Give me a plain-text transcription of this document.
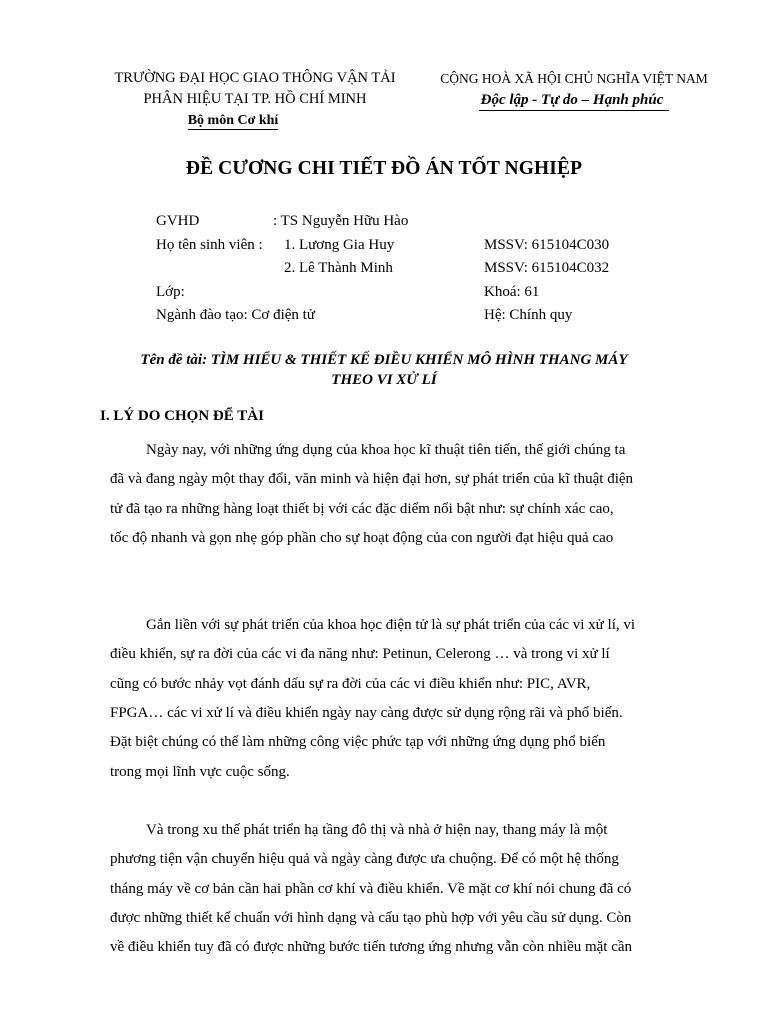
TRƯỜNG ĐẠI HỌC GIAO THÔNG VẬN TẢI
PHÂN HIỆU TẠI TP. HỒ CHÍ MINH
Bộ môn Cơ khí
CỘNG HOÀ XÃ HỘI CHỦ NGHĨA VIỆT NAM
Độc lập - Tự do – Hạnh phúc
ĐỀ CƯƠNG CHI TIẾT ĐỒ ÁN TỐT NGHIỆP
GVHD	: TS Nguyễn Hữu Hào
Họ tên sinh viên : 1. Lương Gia Huy	MSSV: 615104C030
2. Lê Thành Minh	MSSV: 615104C032
Lớp:	Khoá: 61
Ngành đào tạo: Cơ điện tử	Hệ: Chính quy
Tên đề tài: TÌM HIỂU & THIẾT KẾ ĐIỀU KHIỂN MÔ HÌNH THANG MÁY
THEO VI XỬ LÍ
I. LÝ DO CHỌN ĐỂ TÀI

Ngày nay, với những ứng dụng của khoa học kĩ thuật tiên tiến, thế giới chúng ta
đã và đang ngày một thay đổi, văn minh và hiện đại hơn, sự phát triển của kĩ thuật điện
tử đã tạo ra những hàng loạt thiết bị với các đặc diểm nổi bật như: sự chính xác cao,
tốc độ nhanh và gọn nhẹ góp phần cho sự hoạt động của con người đạt hiệu quả cao

Gắn liền với sự phát triển của khoa học điện tử là sự phát triển của các vi xử lí, vi
điều khiển, sự ra đời của các vi đa năng như: Petinun, Celerong … và trong vi xử lí
cũng có bước nhảy vọt đánh dấu sự ra đời của các vi điều khiển như: PIC, AVR,
FPGA… các vi xử lí và điều khiển ngày nay càng được sử dụng rộng rãi và phổ biến.
Đặt biệt chúng có thể làm những công việc phức tạp với những ứng dụng phổ biến
trong mọi lĩnh vực cuộc sống.

Và trong xu thế phát triển hạ tầng đô thị và nhà ở hiện nay, thang máy là một
phương tiện vận chuyển hiệu quả và ngày càng được ưa chuộng. Để có một hệ thống
tháng máy về cơ bản cần hai phần cơ khí và điều khiển. Về mặt cơ khí nói chung đã có
được những thiết kế chuẩn với hình dạng và cấu tạo phù hợp với yêu cầu sử dụng. Còn
về điều khiển tuy đã có được những bước tiến tương ứng nhưng vẫn còn nhiều mặt cần
